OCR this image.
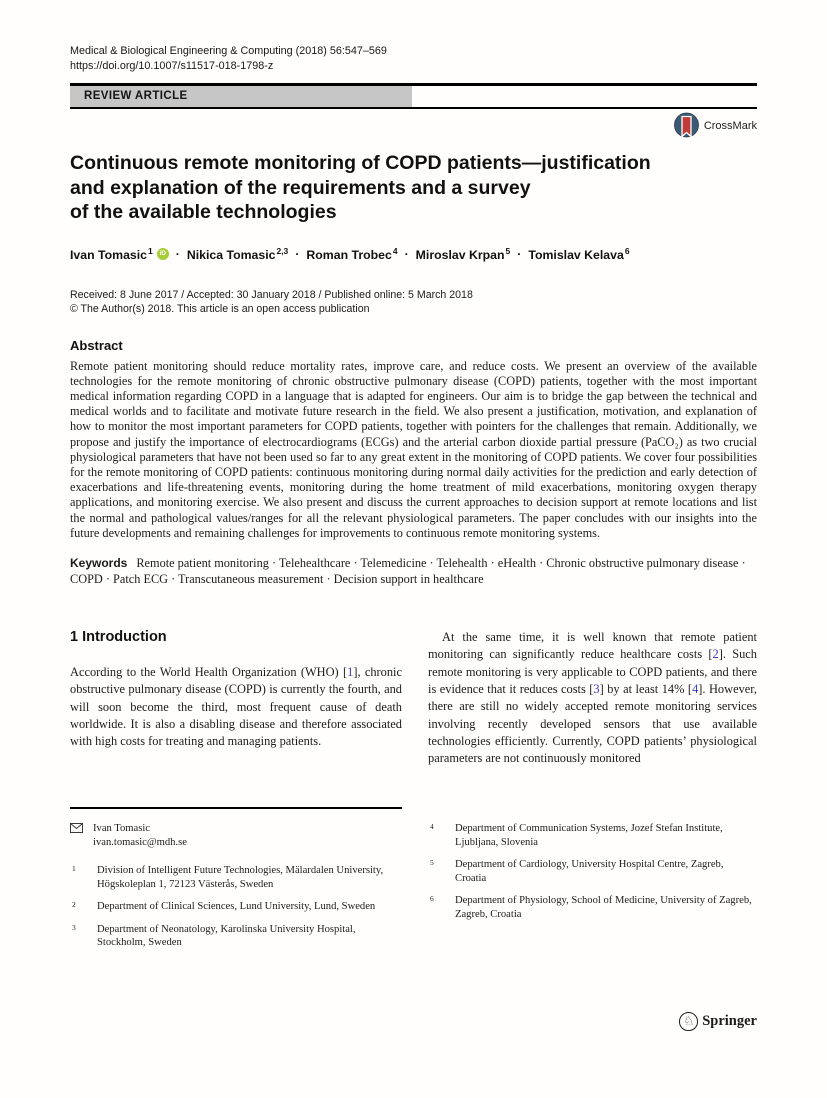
Medical & Biological Engineering & Computing (2018) 56:547–569
https://doi.org/10.1007/s11517-018-1798-z
REVIEW ARTICLE
CrossMark
Continuous remote monitoring of COPD patients—justification
and explanation of the requirements and a survey
of the available technologies
Ivan Tomasic$^1$ iD · Nikica Tomasic$^{2,3}$ · Roman Trobec$^4$ · Miroslav Krpan$^5$ · Tomislav Kelava$^6$
Received: 8 June 2017 / Accepted: 30 January 2018 / Published online: 5 March 2018
© The Author(s) 2018. This article is an open access publication
Abstract
Remote patient monitoring should reduce mortality rates, improve care, and reduce costs. We present an overview of the available technologies for the remote monitoring of chronic obstructive pulmonary disease (COPD) patients, together with the most important medical information regarding COPD in a language that is adapted for engineers. Our aim is to bridge the gap between the technical and medical worlds and to facilitate and motivate future research in the field. We also present a justification, motivation, and explanation of how to monitor the most important parameters for COPD patients, together with pointers for the challenges that remain. Additionally, we propose and justify the importance of electrocardiograms (ECGs) and the arterial carbon dioxide partial pressure (PaCO₂) as two crucial physiological parameters that have not been used so far to any great extent in the monitoring of COPD patients. We cover four possibilities for the remote monitoring of COPD patients: continuous monitoring during normal daily activities for the prediction and early detection of exacerbations and life-threatening events, monitoring during the home treatment of mild exacerbations, monitoring oxygen therapy applications, and monitoring exercise. We also present and discuss the current approaches to decision support at remote locations and list the normal and pathological values/ranges for all the relevant physiological parameters. The paper concludes with our insights into the future developments and remaining challenges for improvements to continuous remote monitoring systems.
Keywords Remote patient monitoring · Telehealthcare · Telemedicine · Telehealth · eHealth · Chronic obstructive pulmonary disease · COPD · Patch ECG · Transcutaneous measurement · Decision support in healthcare
1 Introduction

According to the World Health Organization (WHO) [1], chronic obstructive pulmonary disease (COPD) is currently the fourth, and will soon become the third, most frequent cause of death worldwide. It is also a disabling disease and therefore associated with high costs for treating and managing patients.

At the same time, it is well known that remote patient monitoring can significantly reduce healthcare costs [2]. Such remote monitoring is very applicable to COPD patients, and there is evidence that it reduces costs [3] by at least 14% [4]. However, there are still no widely accepted remote monitoring services involving recently developed sensors that use available technologies efficiently. Currently, COPD patients’ physiological parameters are not continuously monitored

Ivan Tomasic
ivan.tomasic@mdh.se
1	Division of Intelligent Future Technologies, Mälardalen University, Högskoleplan 1, 72123 Västerås, Sweden
2	Department of Clinical Sciences, Lund University, Lund, Sweden
3	Department of Neonatology, Karolinska University Hospital, Stockholm, Sweden
4	Department of Communication Systems, Jozef Stefan Institute, Ljubljana, Slovenia
5	Department of Cardiology, University Hospital Centre, Zagreb, Croatia
6	Department of Physiology, School of Medicine, University of Zagreb, Zagreb, Croatia
♘ Springer
